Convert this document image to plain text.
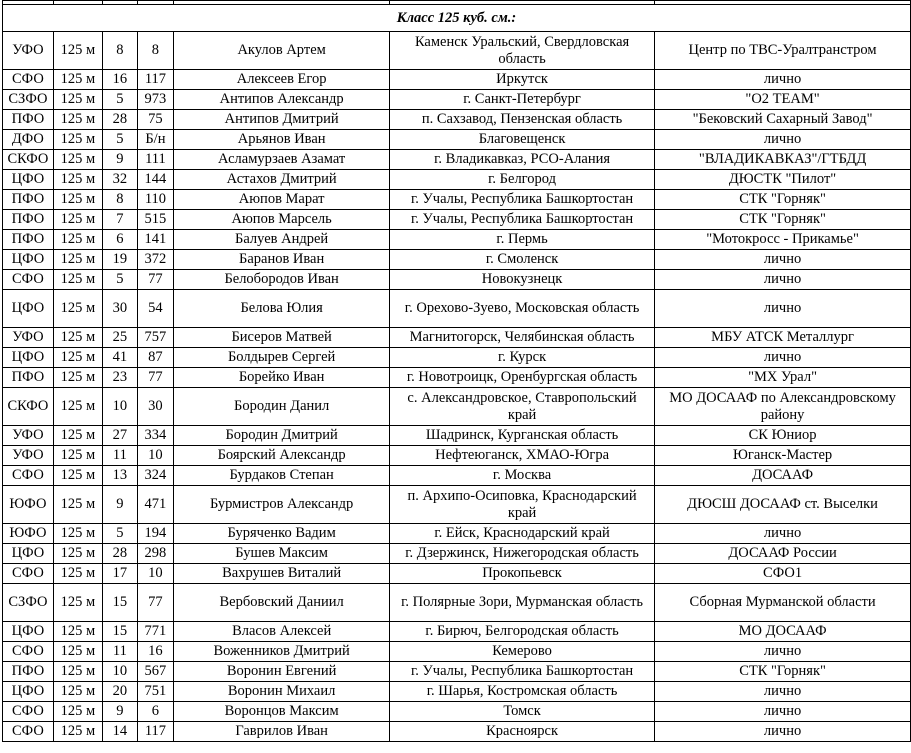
Класс 125 куб. см.:						
УФО	125 м	8	8	Акулов Артем	Каменск Уральский, Свердловская область	Центр по ТВС-Уралтранстром
СФО	125 м	16	117	Алексеев Егор	Иркутск	лично
СЗФО	125 м	5	973	Антипов Александр	г. Санкт-Петербург	"О2 TEAM"
ПФО	125 м	28	75	Антипов Дмитрий	п. Сахзавод, Пензенская область	"Бековский Сахарный Завод"
ДФО	125 м	5	Б/н	Арьянов Иван	Благовещенск	лично
СКФО	125 м	9	111	Асламурзаев Азамат	г. Владикавказ, РСО-Алания	"ВЛАДИКАВКАЗ"/ГТБДД
ЦФО	125 м	32	144	Астахов Дмитрий	г. Белгород	ДЮСТК "Пилот"
ПФО	125 м	8	110	Аюпов Марат	г. Учалы, Республика Башкортостан	СТК "Горняк"
ПФО	125 м	7	515	Аюпов Марсель	г. Учалы, Республика Башкортостан	СТК "Горняк"
ПФО	125 м	6	141	Балуев Андрей	г. Пермь	"Мотокросс - Прикамье"
ЦФО	125 м	19	372	Баранов Иван	г. Смоленск	лично
СФО	125 м	5	77	Белобородов Иван	Новокузнецк	лично
ЦФО	125 м	30	54	Белова Юлия	г. Орехово-Зуево, Московская область	лично
УФО	125 м	25	757	Бисеров Матвей	Магнитогорск, Челябинская область	МБУ АТСК Металлург
ЦФО	125 м	41	87	Болдырев Сергей	г. Курск	лично
ПФО	125 м	23	77	Борейко Иван	г. Новотроицк, Оренбургская область	"МХ Урал"
СКФО	125 м	10	30	Бородин Данил	с. Александровское, Ставропольский край	МО ДОСААФ по Александровскому району
УФО	125 м	27	334	Бородин Дмитрий	Шадринск, Курганская область	СК Юниор
УФО	125 м	11	10	Боярский Александр	Нефтеюганск, ХМАО-Югра	Юганск-Мастер
СФО	125 м	13	324	Бурдаков Степан	г. Москва	ДОСААФ
ЮФО	125 м	9	471	Бурмистров Александр	п. Архипо-Осиповка, Краснодарский край	ДЮСШ ДОСААФ ст. Выселки
ЮФО	125 м	5	194	Буряченко Вадим	г. Ейск, Краснодарский край	лично
ЦФО	125 м	28	298	Бушев Максим	г. Дзержинск, Нижегородская область	ДОСААФ России
СФО	125 м	17	10	Вахрушев Виталий	Прокопьевск	СФО1
СЗФО	125 м	15	77	Вербовский Даниил	г. Полярные Зори, Мурманская область	Сборная Мурманской области
ЦФО	125 м	15	771	Власов Алексей	г. Бирюч, Белгородская область	МО ДОСААФ
СФО	125 м	11	16	Воженников Дмитрий	Кемерово	лично
ПФО	125 м	10	567	Воронин Евгений	г. Учалы, Республика Башкортостан	СТК "Горняк"
ЦФО	125 м	20	751	Воронин Михаил	г. Шарья, Костромская область	лично
СФО	125 м	9	6	Воронцов Максим	Томск	лично
СФО	125 м	14	117	Гаврилов Иван	Красноярск	лично
